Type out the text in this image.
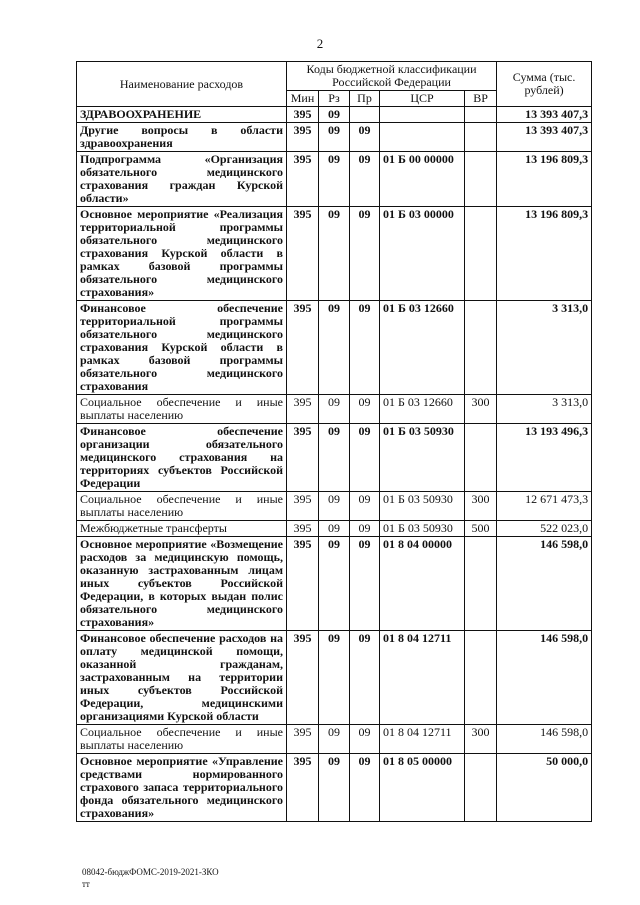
2
Наименование расходов	Коды бюджетной классификации Российской Федерации					Сумма (тыс. рублей)
	Мин	Рз	Пр	ЦСР	ВР	
ЗДРАВООХРАНЕНИЕ	395	09				13 393 407,3
Другие вопросы в области здравоохранения	395	09	09			13 393 407,3
Подпрограмма «Организация обязательного медицинского страхования граждан Курской области»	395	09	09	01 Б 00 00000		13 196 809,3
Основное мероприятие «Реализация территориальной программы обязательного медицинского страхования Курской области в рамках базовой программы обязательного медицинского страхования»	395	09	09	01 Б 03 00000		13 196 809,3
Финансовое обеспечение территориальной программы обязательного медицинского страхования Курской области в рамках базовой программы обязательного медицинского страхования	395	09	09	01 Б 03 12660		3 313,0
Социальное обеспечение и иные выплаты населению	395	09	09	01 Б 03 12660	300	3 313,0
Финансовое обеспечение организации обязательного медицинского страхования на территориях субъектов Российской Федерации	395	09	09	01 Б 03 50930		13 193 496,3
Социальное обеспечение и иные выплаты населению	395	09	09	01 Б 03 50930	300	12 671 473,3
Межбюджетные трансферты	395	09	09	01 Б 03 50930	500	522 023,0
Основное мероприятие «Возмещение расходов за медицинскую помощь, оказанную застрахованным лицам иных субъектов Российской Федерации, в которых выдан полис обязательного медицинского страхования»	395	09	09	01 8 04 00000		146 598,0
Финансовое обеспечение расходов на оплату медицинской помощи, оказанной гражданам, застрахованным на территории иных субъектов Российской Федерации, медицинскими организациями Курской области	395	09	09	01 8 04 12711		146 598,0
Социальное обеспечение и иные выплаты населению	395	09	09	01 8 04 12711	300	146 598,0
Основное мероприятие «Управление средствами нормированного страхового запаса территориального фонда обязательного медицинского страхования»	395	09	09	01 8 05 00000		50 000,0
08042-бюджФОМС-2019-2021-ЗКО
тт
